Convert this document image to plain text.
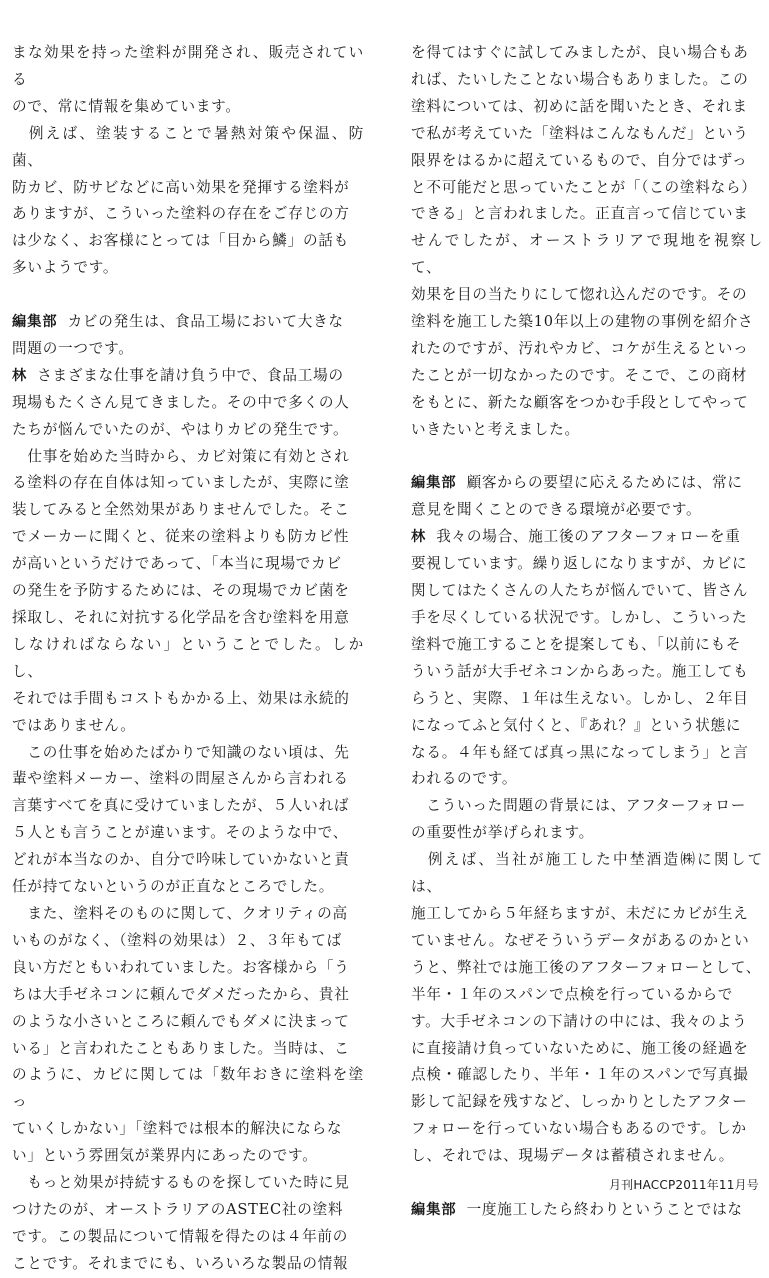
まな効果を持った塗料が開発され、販売されている
ので、常に情報を集めています。

　例えば、塗装することで暑熱対策や保温、防菌、
防カビ、防サビなどに高い効果を発揮する塗料が
ありますが、こういった塗料の存在をご存じの方
は少なく、お客様にとっては「目から鱗」の話も
多いようです。

編集部 カビの発生は、食品工場において大きな
問題の一つです。

林 さまざまな仕事を請け負う中で、食品工場の
現場もたくさん見てきました。その中で多くの人
たちが悩んでいたのが、やはりカビの発生です。

　仕事を始めた当時から、カビ対策に有効とされ
る塗料の存在自体は知っていましたが、実際に塗
装してみると全然効果がありませんでした。そこ
でメーカーに聞くと、従来の塗料よりも防カビ性
が高いというだけであって、「本当に現場でカビ
の発生を予防するためには、その現場でカビ菌を
採取し、それに対抗する化学品を含む塗料を用意
しなければならない」ということでした。しかし、
それでは手間もコストもかかる上、効果は永続的
ではありません。

　この仕事を始めたばかりで知識のない頃は、先
輩や塗料メーカー、塗料の問屋さんから言われる
言葉すべてを真に受けていましたが、５人いれば
５人とも言うことが違います。そのような中で、
どれが本当なのか、自分で吟味していかないと責
任が持てないというのが正直なところでした。

　また、塗料そのものに関して、クオリティの高
いものがなく、（塗料の効果は）２、３年もてば
良い方だともいわれていました。お客様から「う
ちは大手ゼネコンに頼んでダメだったから、貴社
のような小さいところに頼んでもダメに決まって
いる」と言われたこともありました。当時は、こ
のように、カビに関しては「数年おきに塗料を塗っ
ていくしかない」「塗料では根本的解決にならな
い」という雰囲気が業界内にあったのです。

　もっと効果が持続するものを探していた時に見
つけたのが、オーストラリアのASTEC社の塗料
です。この製品について情報を得たのは４年前の
ことです。それまでにも、いろいろな製品の情報

を得てはすぐに試してみましたが、良い場合もあ
れば、たいしたことない場合もありました。この
塗料については、初めに話を聞いたとき、それま
で私が考えていた「塗料はこんなもんだ」という
限界をはるかに超えているもので、自分ではずっ
と不可能だと思っていたことが「（この塗料なら）
できる」と言われました。正直言って信じていま
せんでしたが、オーストラリアで現地を視察して、
効果を目の当たりにして惚れ込んだのです。その
塗料を施工した築10年以上の建物の事例を紹介さ
れたのですが、汚れやカビ、コケが生えるといっ
たことが一切なかったのです。そこで、この商材
をもとに、新たな顧客をつかむ手段としてやって
いきたいと考えました。

編集部 顧客からの要望に応えるためには、常に
意見を聞くことのできる環境が必要です。

林 我々の場合、施工後のアフターフォローを重
要視しています。繰り返しになりますが、カビに
関してはたくさんの人たちが悩んでいて、皆さん
手を尽くしている状況です。しかし、こういった
塗料で施工することを提案しても、「以前にもそ
ういう話が大手ゼネコンからあった。施工しても
らうと、実際、１年は生えない。しかし、２年目
になってふと気付くと、『あれ？』という状態に
なる。４年も経てば真っ黒になってしまう」と言
われるのです。

　こういった問題の背景には、アフターフォロー
の重要性が挙げられます。

　例えば、当社が施工した中埜酒造㈱に関しては、
施工してから５年経ちますが、未だにカビが生え
ていません。なぜそういうデータがあるのかとい
うと、弊社では施工後のアフターフォローとして、
半年・１年のスパンで点検を行っているからで
す。大手ゼネコンの下請けの中には、我々のよう
に直接請け負っていないために、施工後の経過を
点検・確認したり、半年・１年のスパンで写真撮
影して記録を残すなど、しっかりとしたアフター
フォローを行っていない場合もあるのです。しか
し、それでは、現場データは蓄積されません。

編集部 一度施工したら終わりということではな

月刊HACCP2011年11月号
